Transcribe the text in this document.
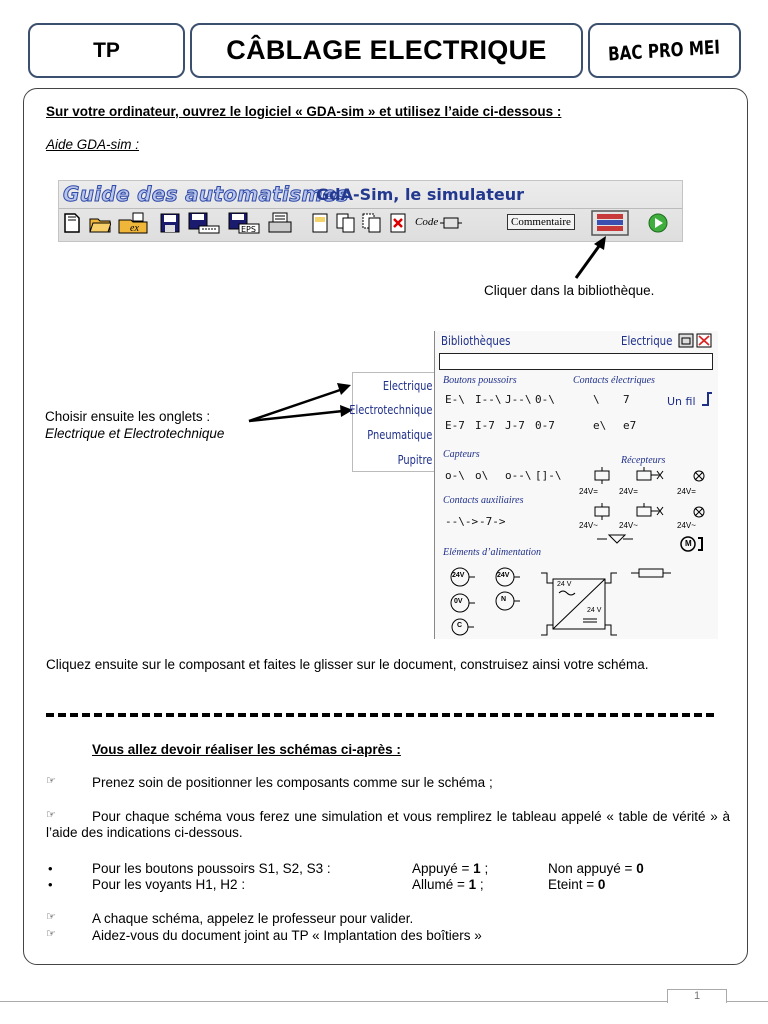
TP	CÂBLAGE ELECTRIQUE	BAC PRO MEI
Sur votre ordinateur, ouvrez le logiciel « GDA-sim » et utilisez l’aide ci-dessous :
Aide GDA-sim :
Guide des automatismes
GdA-Sim, le simulateur
ex	EPS
Code	Commentaire
Cliquer dans la bibliothèque.
Choisir ensuite les onglets :
Electrique et Electrotechnique
Electrique
Electrotechnique
Pneumatique
Pupitre
Bibliothèques	Electrique
Boutons poussoirs	Contacts électriques
E-\ I--\ J--\ 0-\
E-7 I-7 J-7 0-7
\ 7
e\ e7
Un fil
Capteurs
Récepteurs
o-\ o\ o--\ []-\
24V=	24V=	24V=
Contacts auxiliaires
--\-> -7->	24V~	24V~	24V~
M
Eléments d’alimentation
24V	24V
0V	N
C
24 V
24 V
Cliquez ensuite sur le composant et faites le glisser sur le document, construisez ainsi votre schéma.
Vous allez devoir réaliser les schémas ci-après :
☞	Prenez soin de positionner les composants comme sur le schéma ;
☞	Pour chaque schéma vous ferez une simulation et vous remplirez le tableau appelé « table de vérité » à l’aide des indications ci-dessous.
•	Pour les boutons poussoirs S1, S2, S3 :	Appuyé = 1 ;	Non appuyé = 0
•	Pour les voyants H1, H2 :	Allumé = 1 ;	Eteint = 0
☞	A chaque schéma, appelez le professeur pour valider.
☞	Aidez-vous du document joint au TP « Implantation des boîtiers »
1
